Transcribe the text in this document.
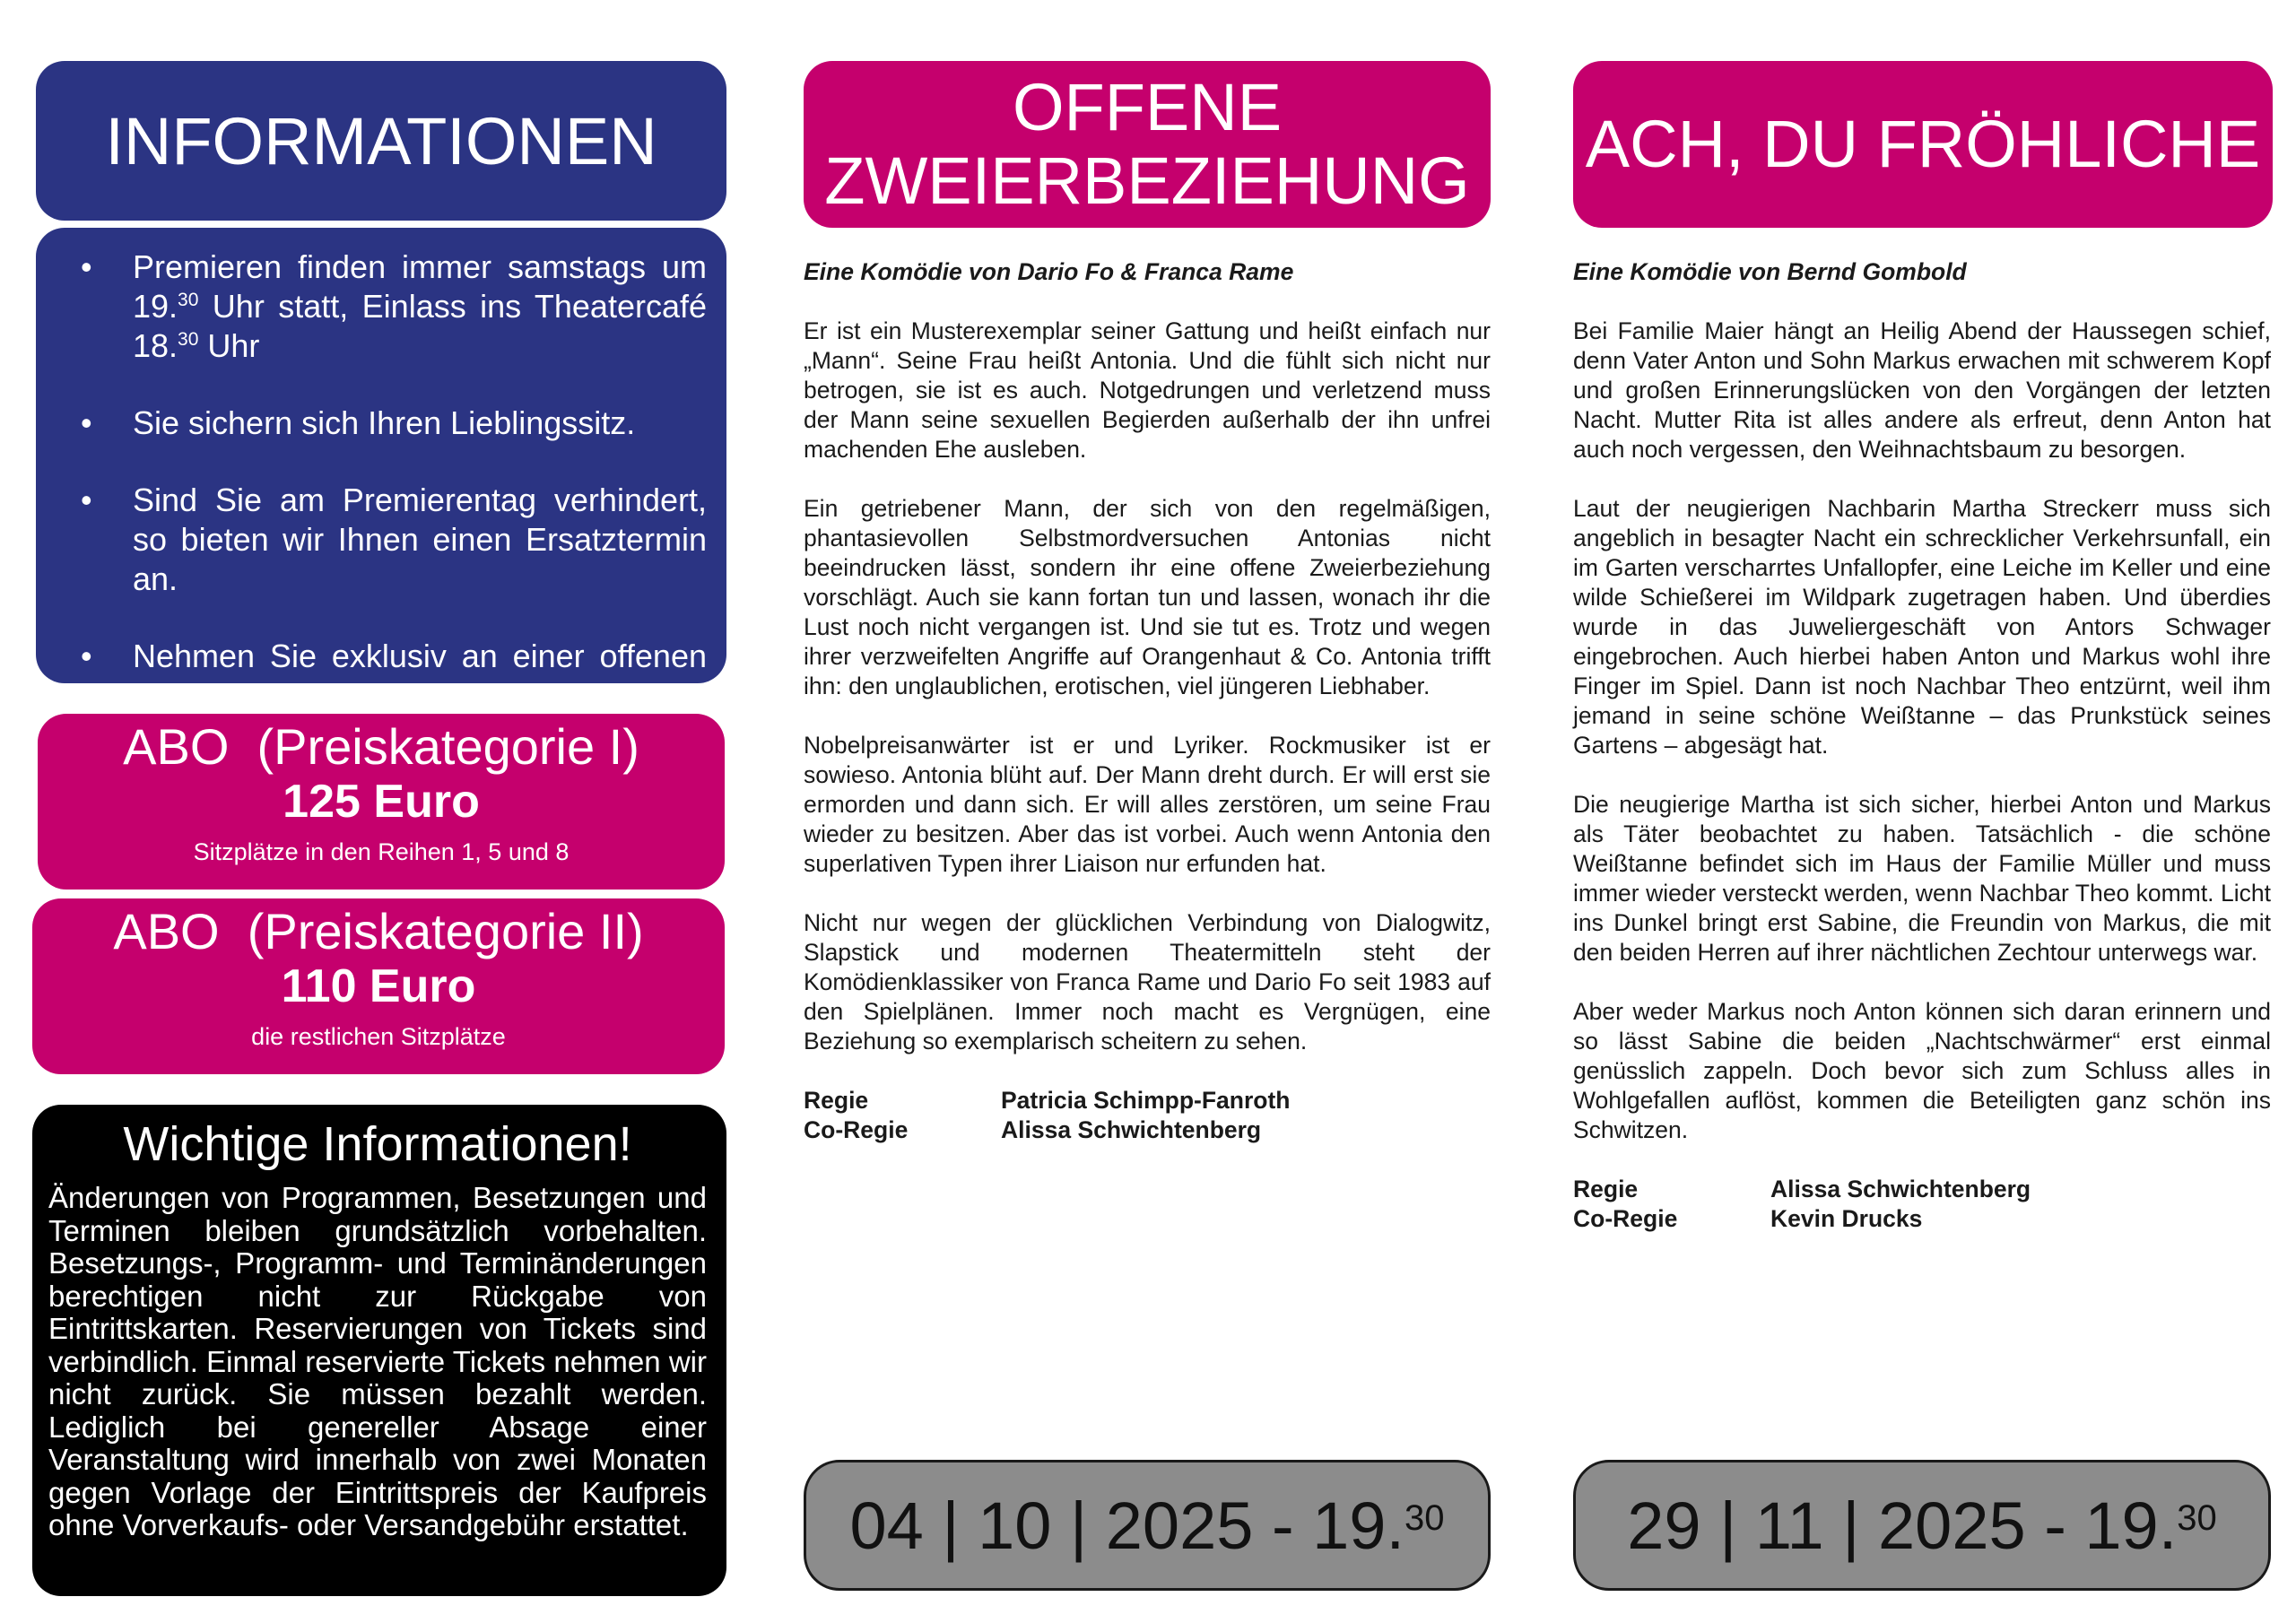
INFORMATIONEN
•	Premieren finden immer samstags um 19.30 Uhr statt, Einlass ins Theatercafé 18.30 Uhr
•	Sie sichern sich Ihren Lieblingssitz.
•	Sind Sie am Premierentag verhindert, so bieten wir Ihnen einen Ersatztermin an.
•	Nehmen Sie exklusiv an einer offenen Probe teil.
ABO  (Preiskategorie I)
125 Euro
Sitzplätze in den Reihen 1, 5 und 8
ABO  (Preiskategorie II)
110 Euro
die restlichen Sitzplätze
Wichtige Informationen!
Änderungen von Programmen, Besetzungen und Terminen bleiben grundsätzlich vorbehalten. Besetzungs-, Programm- und Terminänderungen berechtigen nicht zur Rückgabe von Eintrittskarten. Reservierungen von Tickets sind verbindlich. Einmal reservierte Tickets nehmen wir nicht zurück. Sie müssen bezahlt werden. Lediglich bei genereller Absage einer Veranstaltung wird innerhalb von zwei Monaten gegen Vorlage der Eintrittspreis der Kaufpreis ohne Vorverkaufs- oder Versandgebühr erstattet.
OFFENE
ZWEIERBEZIEHUNG
Eine Komödie von Dario Fo & Franca Rame
Er ist ein Musterexemplar seiner Gattung und heißt einfach nur „Mann“. Seine Frau heißt Antonia. Und die fühlt sich nicht nur betrogen, sie ist es auch. Notgedrungen und verletzend muss der Mann seine sexuellen Begierden außerhalb der ihn unfrei machenden Ehe ausleben.
Ein getriebener Mann, der sich von den regelmäßigen, phantasievollen Selbstmordversuchen Antonias nicht beeindrucken lässt, sondern ihr eine offene Zweierbeziehung vorschlägt. Auch sie kann fortan tun und lassen, wonach ihr die Lust noch nicht vergangen ist. Und sie tut es. Trotz und wegen ihrer verzweifelten Angriffe auf Orangenhaut & Co. Antonia trifft ihn: den unglaublichen, erotischen, viel jüngeren Liebhaber.
Nobelpreisanwärter ist er und Lyriker. Rockmusiker ist er sowieso. Antonia blüht auf. Der Mann dreht durch. Er will erst sie ermorden und dann sich. Er will alles zerstören, um seine Frau wieder zu besitzen. Aber das ist vorbei. Auch wenn Antonia den superlativen Typen ihrer Liaison nur erfunden hat.
Nicht nur wegen der glücklichen Verbindung von Dialogwitz, Slapstick und modernen Theatermitteln steht der Komödienklassiker von Franca Rame und Dario Fo seit 1983 auf den Spielplänen. Immer noch macht es Vergnügen, eine Beziehung so exemplarisch scheitern zu sehen.
Regie	Patricia Schimpp-Fanroth
Co-Regie	Alissa Schwichtenberg
04 | 10 | 2025 - 19.30
ACH, DU FRÖHLICHE
Eine Komödie von Bernd Gombold
Bei Familie Maier hängt an Heilig Abend der Haussegen schief, denn Vater Anton und Sohn Markus erwachen mit schwerem Kopf und großen Erinnerungslücken von den Vorgängen der letzten Nacht. Mutter Rita ist alles andere als erfreut, denn Anton hat auch noch vergessen, den Weihnachtsbaum zu besorgen.
Laut der neugierigen Nachbarin Martha Streckerr muss sich angeblich in besagter Nacht ein schrecklicher Verkehrsunfall, ein im Garten verscharrtes Unfallopfer, eine Leiche im Keller und eine wilde Schießerei im Wildpark zugetragen haben. Und überdies wurde in das Juweliergeschäft von Antors Schwager eingebrochen. Auch hierbei haben Anton und Markus wohl ihre Finger im Spiel. Dann ist noch Nachbar Theo entzürnt, weil ihm jemand in seine schöne Weißtanne – das Prunkstück seines Gartens – abgesägt hat.
Die neugierige Martha ist sich sicher, hierbei Anton und Markus als Täter beobachtet zu haben. Tatsächlich - die schöne Weißtanne befindet sich im Haus der Familie Müller und muss immer wieder versteckt werden, wenn Nachbar Theo kommt. Licht ins Dunkel bringt erst Sabine, die Freundin von Markus, die mit den beiden Herren auf ihrer nächtlichen Zechtour unterwegs war.
Aber weder Markus noch Anton können sich daran erinnern und so lässt Sabine die beiden „Nachtschwärmer“ erst einmal genüsslich zappeln. Doch bevor sich zum Schluss alles in Wohlgefallen auflöst, kommen die Beteiligten ganz schön ins Schwitzen.
Regie	Alissa Schwichtenberg
Co-Regie	Kevin Drucks
29 | 11 | 2025 - 19.30
